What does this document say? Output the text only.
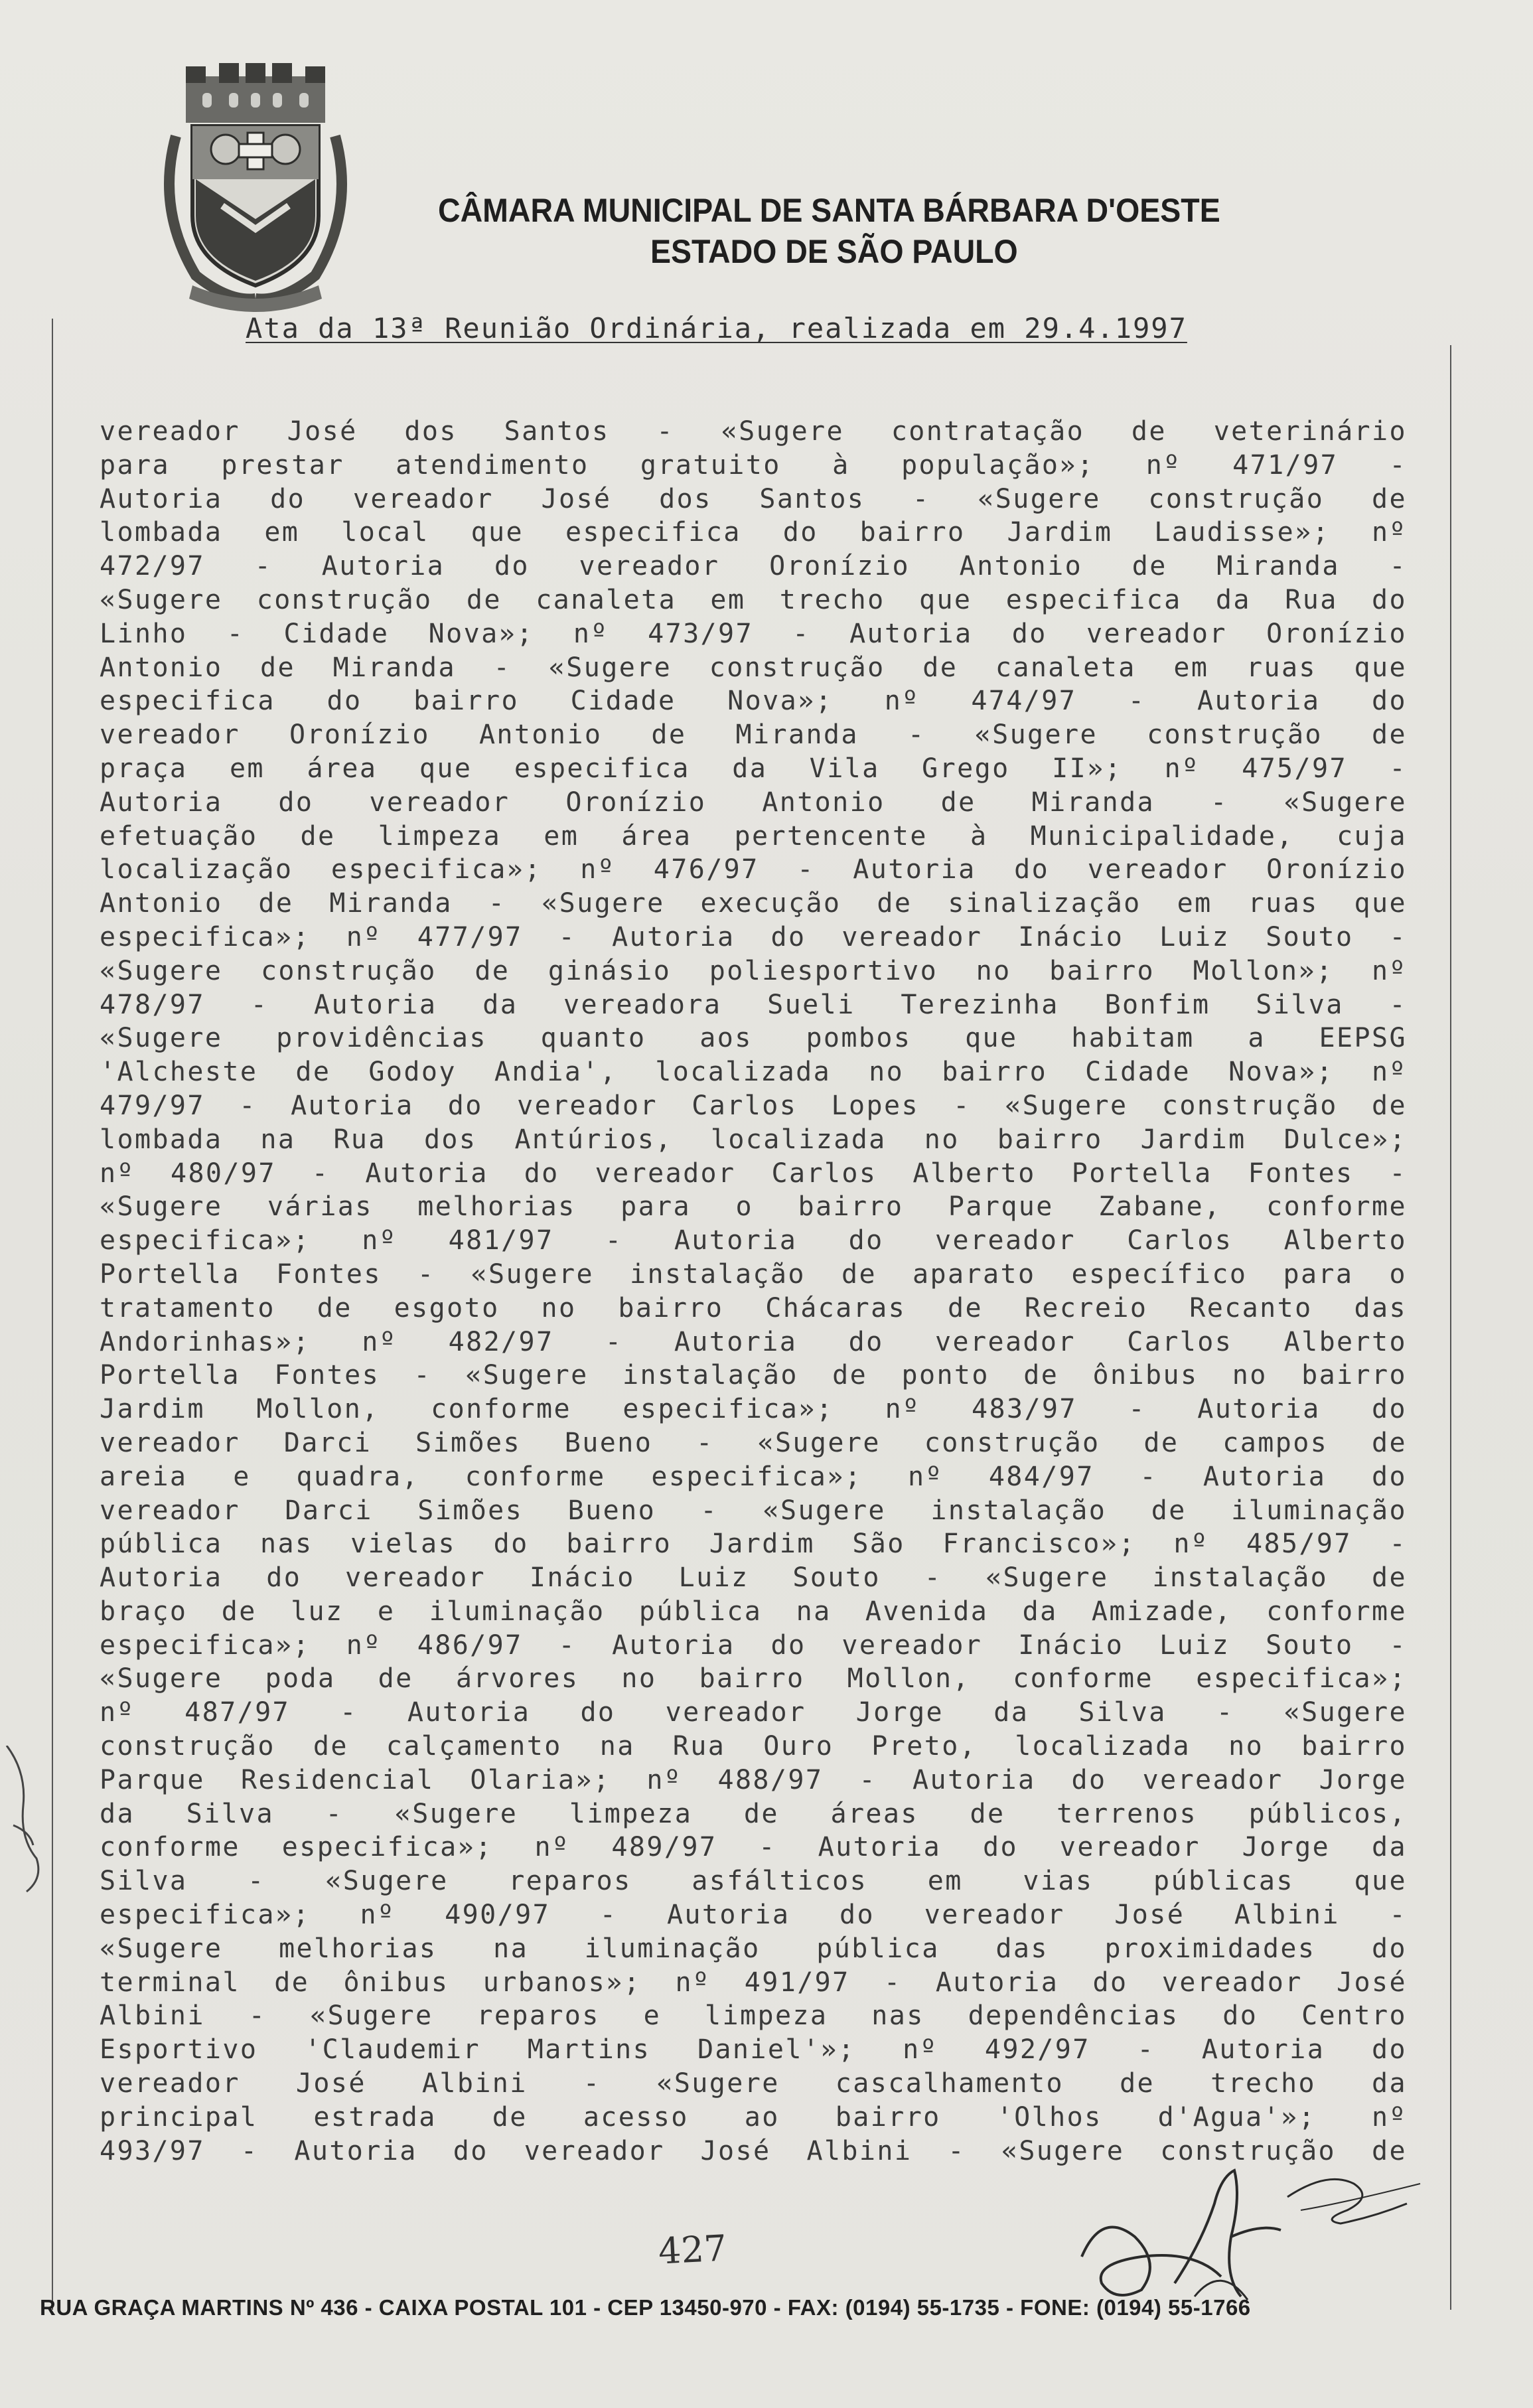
CÂMARA MUNICIPAL DE SANTA BÁRBARA D'OESTE
ESTADO DE SÃO PAULO
Ata da 13ª Reunião Ordinária, realizada em 29.4.1997
vereador José dos Santos - «Sugere contratação de veterinário
para prestar atendimento gratuito à população»; nº 471/97 -
Autoria do vereador José dos Santos - «Sugere construção de
lombada em local que especifica do bairro Jardim Laudisse»; nº
472/97 - Autoria do vereador Oronízio Antonio de Miranda -
«Sugere construção de canaleta em trecho que especifica da Rua do
Linho - Cidade Nova»; nº 473/97 - Autoria do vereador Oronízio
Antonio de Miranda - «Sugere construção de canaleta em ruas que
especifica do bairro Cidade Nova»; nº 474/97 - Autoria do
vereador Oronízio Antonio de Miranda - «Sugere construção de
praça em área que especifica da Vila Grego II»; nº 475/97 -
Autoria do vereador Oronízio Antonio de Miranda - «Sugere
efetuação de limpeza em área pertencente à Municipalidade, cuja
localização especifica»; nº 476/97 - Autoria do vereador Oronízio
Antonio de Miranda - «Sugere execução de sinalização em ruas que
especifica»; nº 477/97 - Autoria do vereador Inácio Luiz Souto -
«Sugere construção de ginásio poliesportivo no bairro Mollon»; nº
478/97 - Autoria da vereadora Sueli Terezinha Bonfim Silva -
«Sugere providências quanto aos pombos que habitam a EEPSG
'Alcheste de Godoy Andia', localizada no bairro Cidade Nova»; nº
479/97 - Autoria do vereador Carlos Lopes - «Sugere construção de
lombada na Rua dos Antúrios, localizada no bairro Jardim Dulce»;
nº 480/97 - Autoria do vereador Carlos Alberto Portella Fontes -
«Sugere várias melhorias para o bairro Parque Zabane, conforme
especifica»; nº 481/97 - Autoria do vereador Carlos Alberto
Portella Fontes - «Sugere instalação de aparato específico para o
tratamento de esgoto no bairro Chácaras de Recreio Recanto das
Andorinhas»; nº 482/97 - Autoria do vereador Carlos Alberto
Portella Fontes - «Sugere instalação de ponto de ônibus no bairro
Jardim Mollon, conforme especifica»; nº 483/97 - Autoria do
vereador Darci Simões Bueno - «Sugere construção de campos de
areia e quadra, conforme especifica»; nº 484/97 - Autoria do
vereador Darci Simões Bueno - «Sugere instalação de iluminação
pública nas vielas do bairro Jardim São Francisco»; nº 485/97 -
Autoria do vereador Inácio Luiz Souto - «Sugere instalação de
braço de luz e iluminação pública na Avenida da Amizade, conforme
especifica»; nº 486/97 - Autoria do vereador Inácio Luiz Souto -
«Sugere poda de árvores no bairro Mollon, conforme especifica»;
nº 487/97 - Autoria do vereador Jorge da Silva - «Sugere
construção de calçamento na Rua Ouro Preto, localizada no bairro
Parque Residencial Olaria»; nº 488/97 - Autoria do vereador Jorge
da Silva - «Sugere limpeza de áreas de terrenos públicos,
conforme especifica»; nº 489/97 - Autoria do vereador Jorge da
Silva - «Sugere reparos asfálticos em vias públicas que
especifica»; nº 490/97 - Autoria do vereador José Albini -
«Sugere melhorias na iluminação pública das proximidades do
terminal de ônibus urbanos»; nº 491/97 - Autoria do vereador José
Albini - «Sugere reparos e limpeza nas dependências do Centro
Esportivo 'Claudemir Martins Daniel'»; nº 492/97 - Autoria do
vereador José Albini - «Sugere cascalhamento de trecho da
principal estrada de acesso ao bairro 'Olhos d'Agua'»; nº
493/97 - Autoria do vereador José Albini - «Sugere construção de
427
RUA GRAÇA MARTINS Nº 436 - CAIXA POSTAL 101 - CEP 13450-970 - FAX: (0194) 55-1735 - FONE: (0194) 55-1766
